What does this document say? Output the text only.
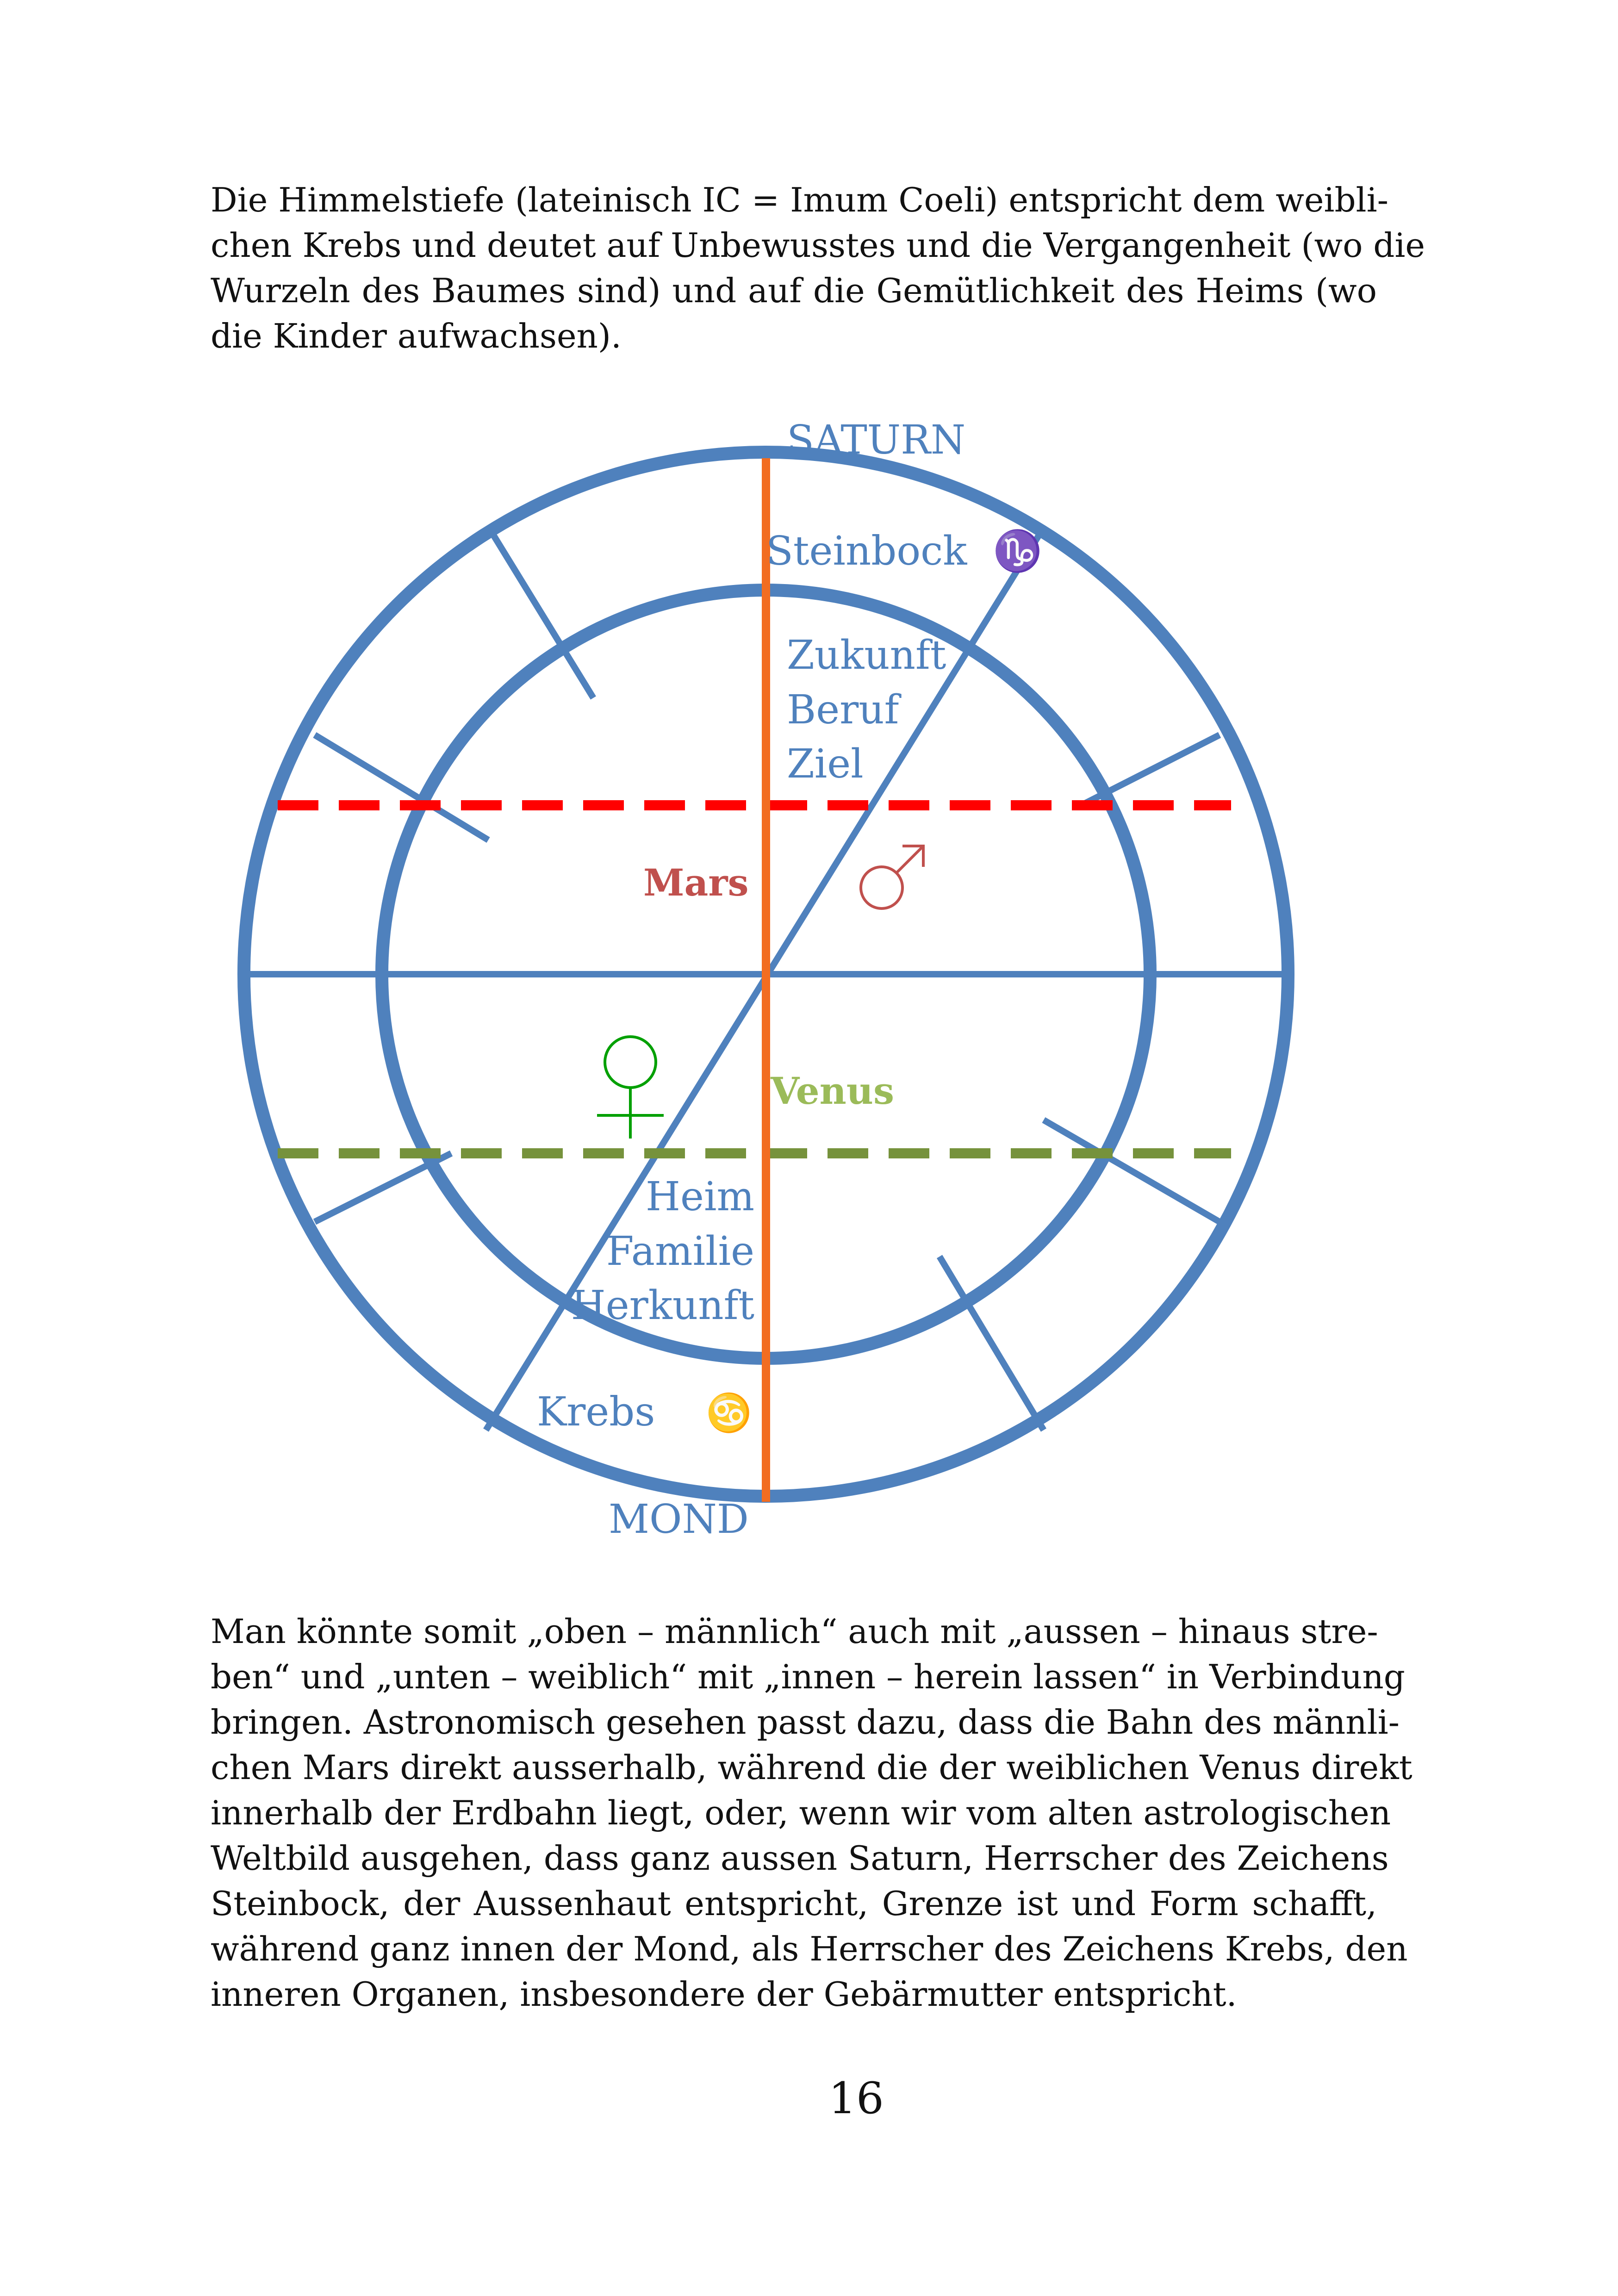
Die Himmelstiefe (lateinisch IC = Imum Coeli) entspricht dem weibli-
chen Krebs und deutet auf Unbewusstes und die Vergangenheit (wo die
Wurzeln des Baumes sind) und auf die Gemütlichkeit des Heims (wo
die Kinder aufwachsen).

SATURN
Steinbock ♑
Zukunft
Beruf
Ziel
Mars
Venus
Heim
Familie
Herkunft
Krebs ♋
MOND

Man könnte somit „oben – männlich“ auch mit „aussen – hinaus stre-
ben“ und „unten – weiblich“ mit „innen – herein lassen“ in Verbindung
bringen. Astronomisch gesehen passt dazu, dass die Bahn des männli-
chen Mars direkt ausserhalb, während die der weiblichen Venus direkt
innerhalb der Erdbahn liegt, oder, wenn wir vom alten astrologischen
Weltbild ausgehen, dass ganz aussen Saturn, Herrscher des Zeichens
Steinbock, der Aussenhaut entspricht, Grenze ist und Form schafft,
während ganz innen der Mond, als Herrscher des Zeichens Krebs, den
inneren Organen, insbesondere der Gebärmutter entspricht.

16
